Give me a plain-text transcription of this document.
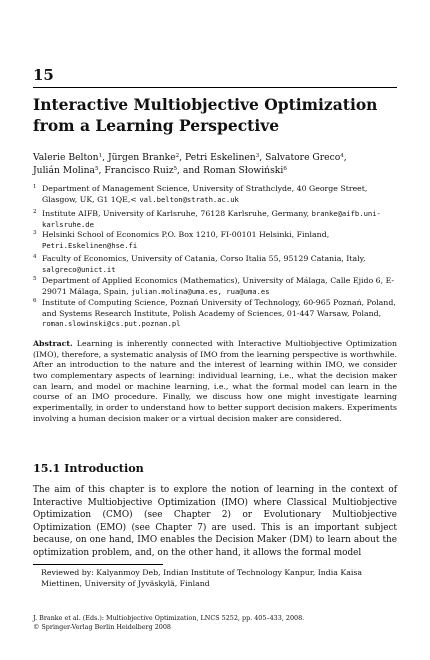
15
Interactive Multiobjective Optimization from a Learning Perspective
Valerie Belton$^1$, Jürgen Branke$^2$, Petri Eskelinen$^3$, Salvatore Greco$^4$,
Julián Molina$^5$, Francisco Ruiz$^5$, and Roman Słowiński$^6$
1 Department of Management Science, University of Strathclyde, 40 George Street, Glasgow, UK, G1 1QE,< val.belton@strath.ac.uk
2 Institute AIFB, University of Karlsruhe, 76128 Karlsruhe, Germany, branke@aifb.uni-karlsruhe.de
3 Helsinki School of Economics P.O. Box 1210, FI-00101 Helsinki, Finland, Petri.Eskelinen@hse.fi
4 Faculty of Economics, University of Catania, Corso Italia 55, 95129 Catania, Italy, salgreco@unict.it
5 Department of Applied Economics (Mathematics), University of Málaga, Calle Ejido 6, E-29071 Málaga, Spain, julian.molina@uma.es, rua@uma.es
6 Institute of Computing Science, Poznań University of Technology, 60-965 Poznań, Poland, and Systems Research Institute, Polish Academy of Sciences, 01-447 Warsaw, Poland, roman.slowinski@cs.put.poznan.pl
Abstract. Learning is inherently connected with Interactive Multiobjective Optimization (IMO), therefore, a systematic analysis of IMO from the learning perspective is worthwhile. After an introduction to the nature and the interest of learning within IMO, we consider two complementary aspects of learning: individual learning, i.e., what the decision maker can learn, and model or machine learning, i.e., what the formal model can learn in the course of an IMO procedure. Finally, we discuss how one might investigate learning experimentally, in order to understand how to better support decision makers. Experiments involving a human decision maker or a virtual decision maker are considered.
15.1 Introduction
The aim of this chapter is to explore the notion of learning in the context of Interactive Multiobjective Optimization (IMO) where Classical Multiobjective Optimization (CMO) (see Chapter 2) or Evolutionary Multiobjective Optimization (EMO) (see Chapter 7) are used. This is an important subject because, on one hand, IMO enables the Decision Maker (DM) to learn about the optimization problem, and, on the other hand, it allows the formal model
Reviewed by: Kalyanmoy Deb, Indian Institute of Technology Kanpur, India Kaisa Miettinen, University of Jyväskylä, Finland
J. Branke et al. (Eds.): Multiobjective Optimization, LNCS 5252, pp. 405–433, 2008.
© Springer-Verlag Berlin Heidelberg 2008
